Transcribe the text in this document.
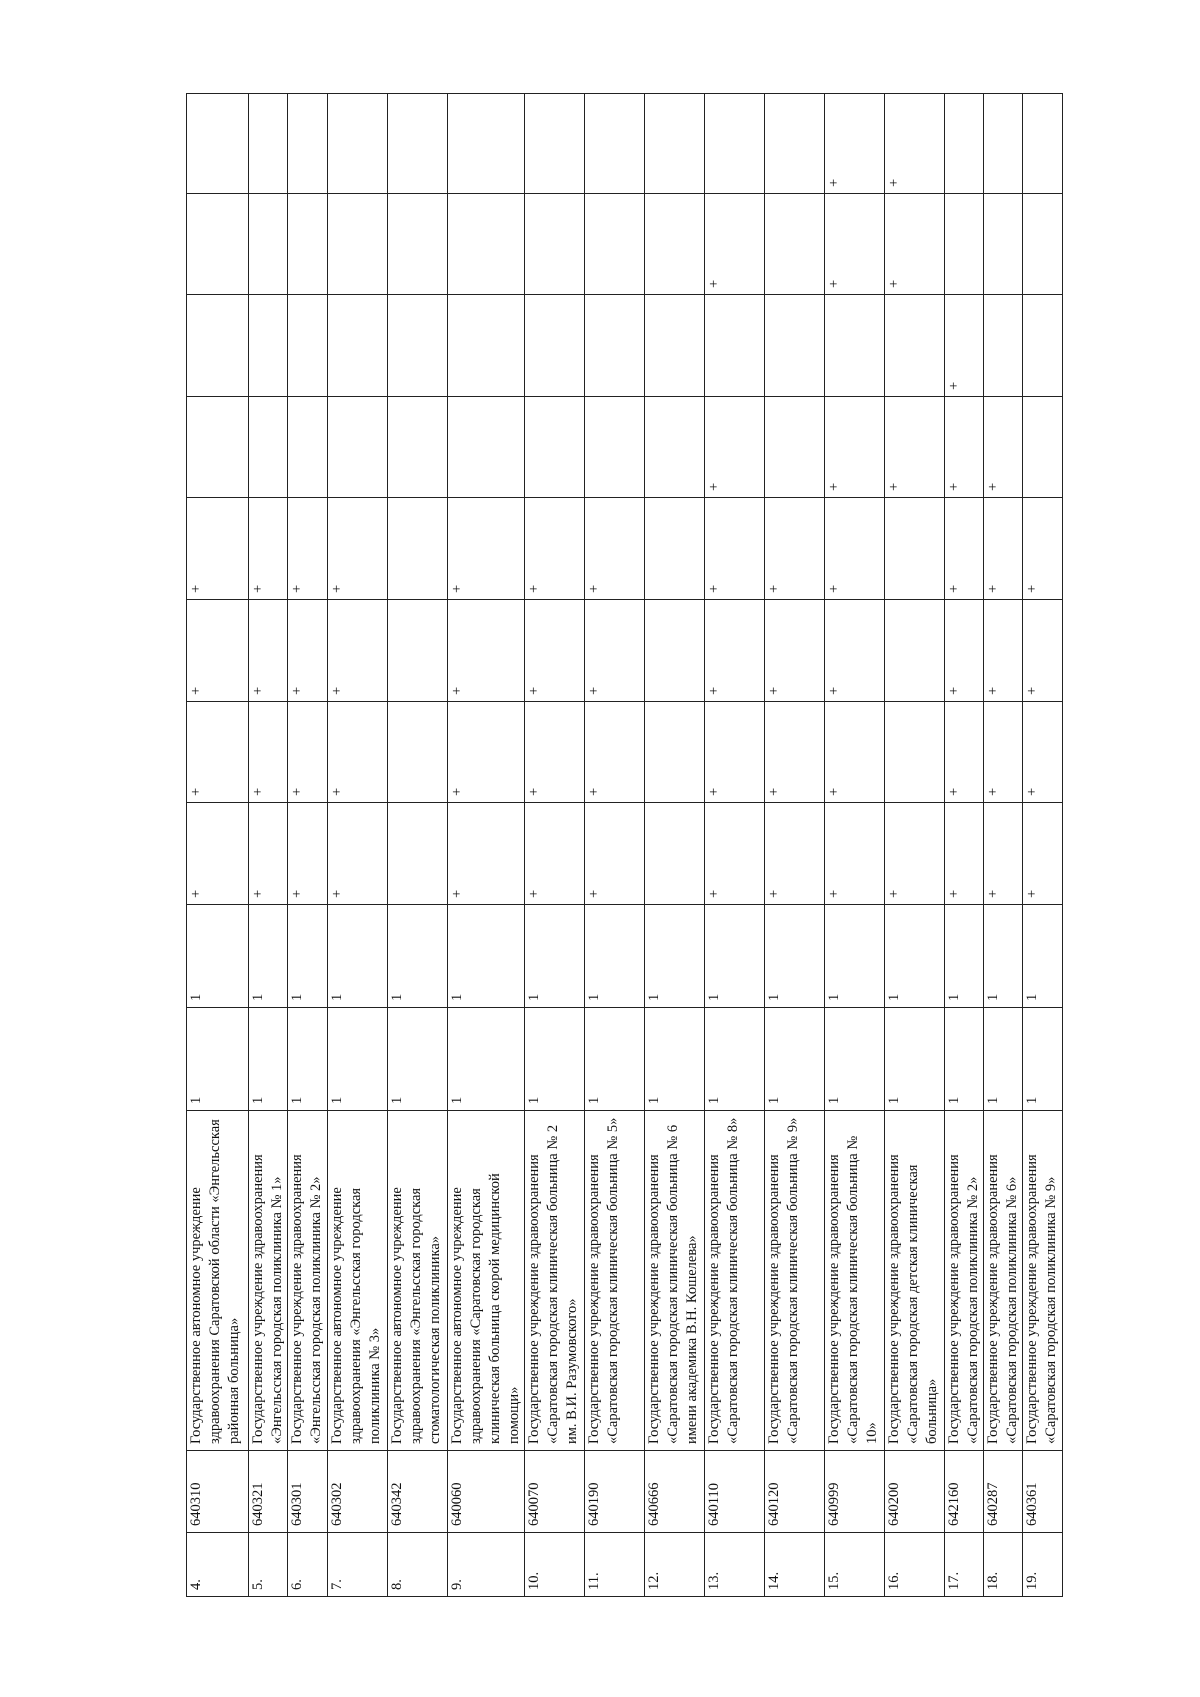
4.	640310	Государственное автономное учреждение здравоохранения Саратовской области «Энгельсская районная больница»	1	1	+	+	+	+				
5.	640321	Государственное учреждение здравоохранения «Энгельсская городская поликлиника № 1»	1	1	+	+	+	+				
6.	640301	Государственное учреждение здравоохранения «Энгельсская городская поликлиника № 2»	1	1	+	+	+	+				
7.	640302	Государственное автономное учреждение здравоохранения «Энгельсская городская поликлиника № 3»	1	1	+	+	+	+				
8.	640342	Государственное автономное учреждение здравоохранения «Энгельсская городская стоматологическая поликлиника»	1	1								
9.	640060	Государственное автономное учреждение здравоохранения «Саратовская городская клиническая больница скорой медицинской помощи»	1	1	+	+	+	+				
10.	640070	Государственное учреждение здравоохранения «Саратовская городская клиническая больница № 2 им. В.И. Разумовского»	1	1	+	+	+	+				
11.	640190	Государственное учреждение здравоохранения «Саратовская городская клиническая больница № 5»	1	1	+	+	+	+				
12.	640666	Государственное учреждение здравоохранения «Саратовская городская клиническая больница № 6 имени академика В.Н. Кошелева»	1	1								
13.	640110	Государственное учреждение здравоохранения «Саратовская городская клиническая больница № 8»	1	1	+	+	+	+	+		+	
14.	640120	Государственное учреждение здравоохранения «Саратовская городская клиническая больница № 9»	1	1	+	+	+	+				
15.	640999	Государственное учреждение здравоохранения «Саратовская городская клиническая больница № 10»	1	1	+	+	+	+	+		+	+
16.	640200	Государственное учреждение здравоохранения «Саратовская городская детская клиническая больница»	1	1	+				+		+	+
17.	642160	Государственное учреждение здравоохранения «Саратовская городская поликлиника № 2»	1	1	+	+	+	+	+	+		
18.	640287	Государственное учреждение здравоохранения «Саратовская городская поликлиника № 6»	1	1	+	+	+	+	+			
19.	640361	Государственное учреждение здравоохранения «Саратовская городская поликлиника № 9»	1	1	+	+	+	+				
